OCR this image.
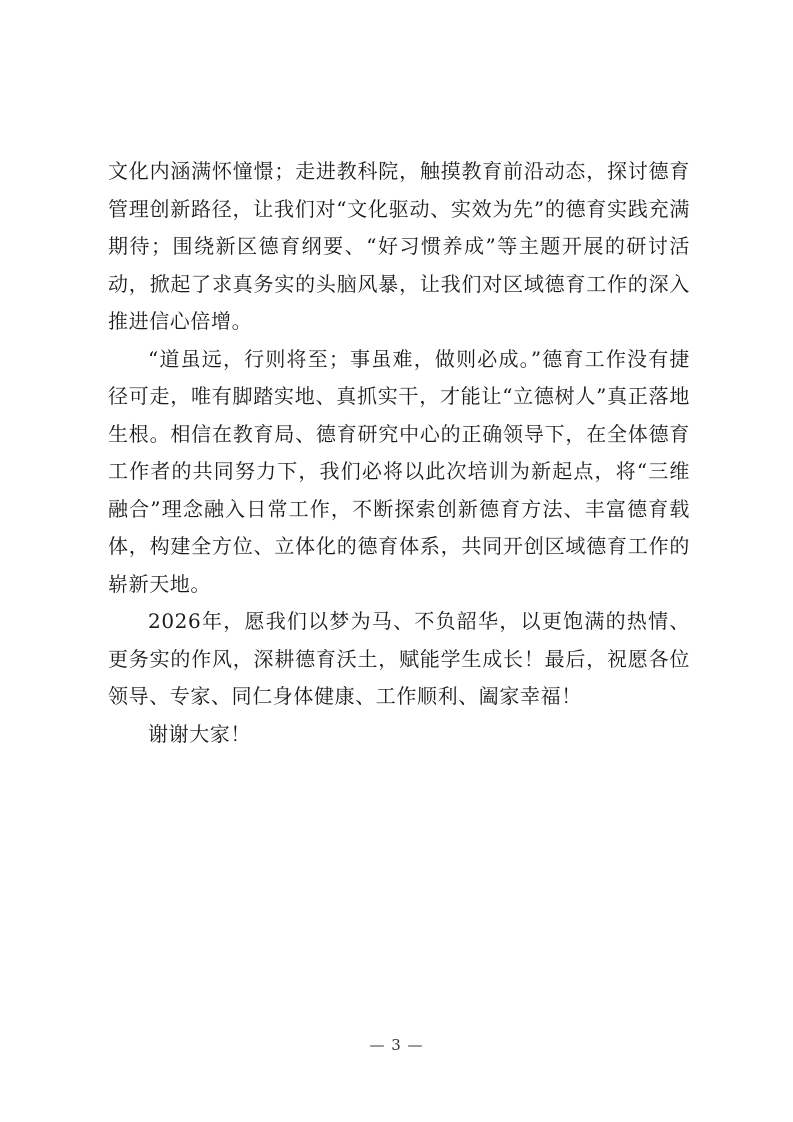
文化内涵满怀憧憬；走进教科院，触摸教育前沿动态，探讨德育管理创新路径，让我们对“文化驱动、实效为先”的德育实践充满期待；围绕新区德育纲要、“好习惯养成”等主题开展的研讨活动，掀起了求真务实的头脑风暴，让我们对区域德育工作的深入推进信心倍增。

“道虽远，行则将至；事虽难，做则必成。”德育工作没有捷径可走，唯有脚踏实地、真抓实干，才能让“立德树人”真正落地生根。相信在教育局、德育研究中心的正确领导下，在全体德育工作者的共同努力下，我们必将以此次培训为新起点，将“三维融合”理念融入日常工作，不断探索创新德育方法、丰富德育载体，构建全方位、立体化的德育体系，共同开创区域德育工作的崭新天地。

2026年，愿我们以梦为马、不负韶华，以更饱满的热情、更务实的作风，深耕德育沃土，赋能学生成长！最后，祝愿各位领导、专家、同仁身体健康、工作顺利、阖家幸福！

谢谢大家！

— 3 —
